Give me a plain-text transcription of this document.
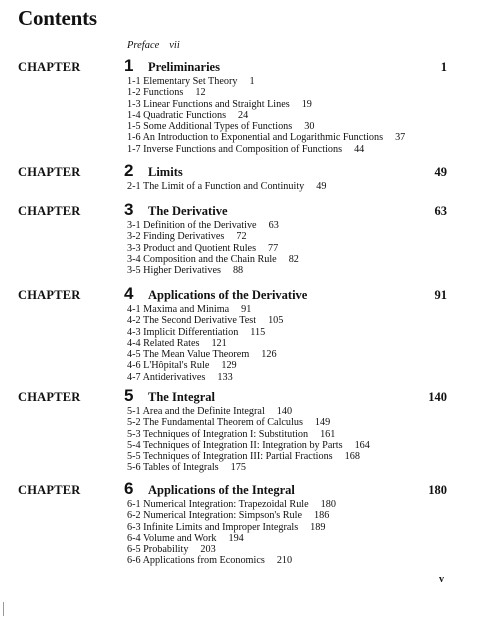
Contents
Preface vii
CHAPTER	1 Preliminaries	1
1-1 Elementary Set Theory 1
1-2 Functions 12
1-3 Linear Functions and Straight Lines 19
1-4 Quadratic Functions 24
1-5 Some Additional Types of Functions 30
1-6 An Introduction to Exponential and Logarithmic Functions 37
1-7 Inverse Functions and Composition of Functions 44
CHAPTER	2 Limits	49
2-1 The Limit of a Function and Continuity 49
CHAPTER	3 The Derivative	63
3-1 Definition of the Derivative 63
3-2 Finding Derivatives 72
3-3 Product and Quotient Rules 77
3-4 Composition and the Chain Rule 82
3-5 Higher Derivatives 88
CHAPTER	4 Applications of the Derivative	91
4-1 Maxima and Minima 91
4-2 The Second Derivative Test 105
4-3 Implicit Differentiation 115
4-4 Related Rates 121
4-5 The Mean Value Theorem 126
4-6 L'Hôpital's Rule 129
4-7 Antiderivatives 133
CHAPTER	5 The Integral	140
5-1 Area and the Definite Integral 140
5-2 The Fundamental Theorem of Calculus 149
5-3 Techniques of Integration I: Substitution 161
5-4 Techniques of Integration II: Integration by Parts 164
5-5 Techniques of Integration III: Partial Fractions 168
5-6 Tables of Integrals 175
CHAPTER	6 Applications of the Integral	180
6-1 Numerical Integration: Trapezoidal Rule 180
6-2 Numerical Integration: Simpson's Rule 186
6-3 Infinite Limits and Improper Integrals 189
6-4 Volume and Work 194
6-5 Probability 203
6-6 Applications from Economics 210
v
